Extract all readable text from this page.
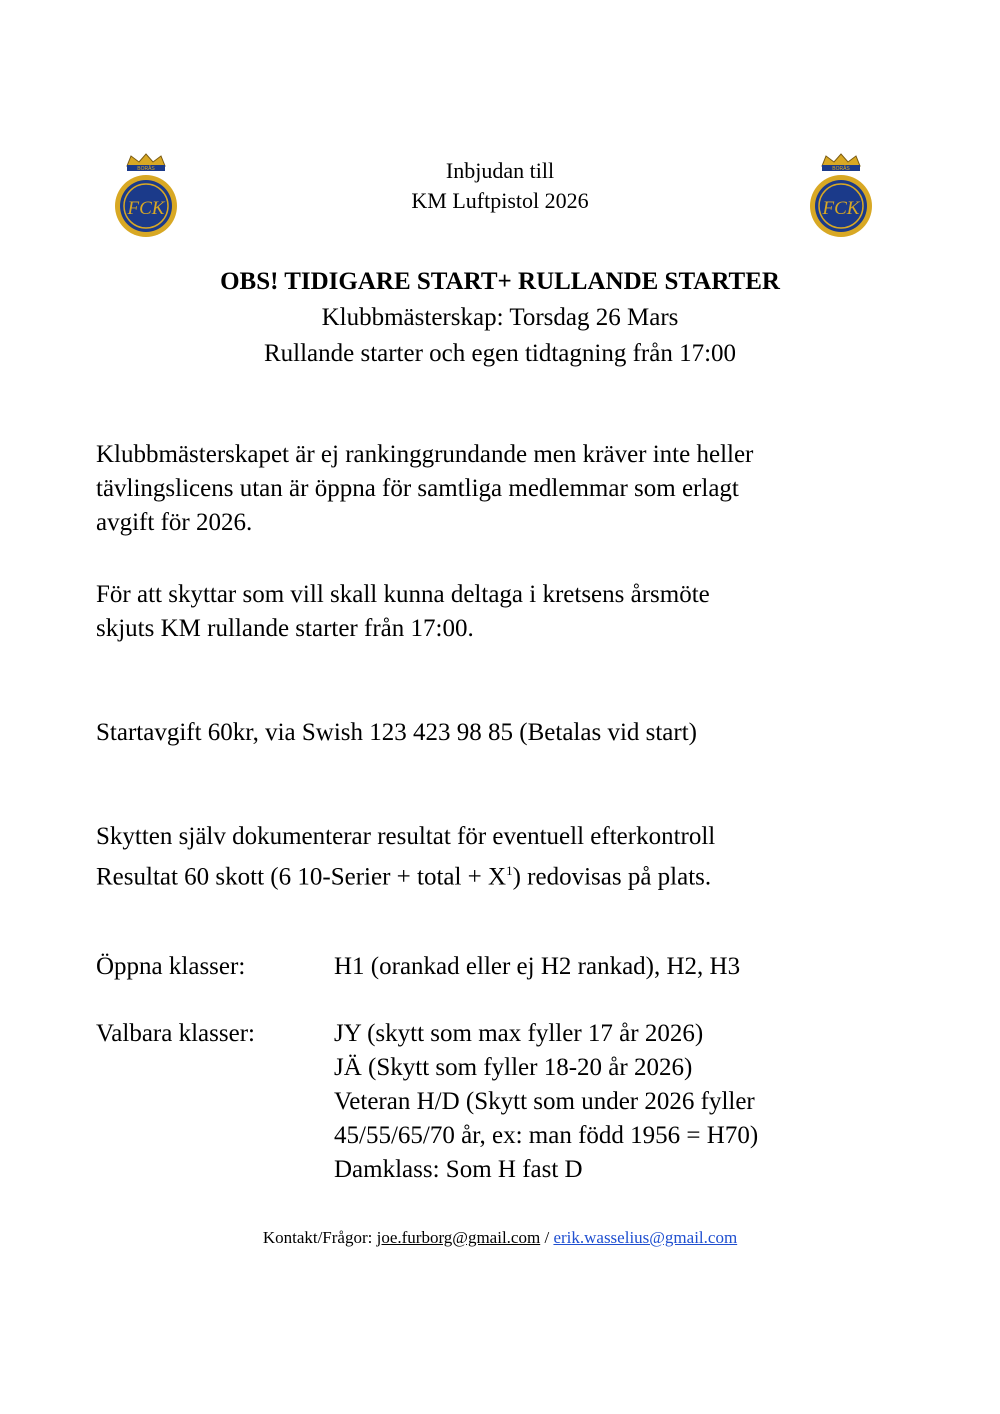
BORÅS
FCK
BORÅS
FCK
Inbjudan till
KM Luftpistol 2026
OBS! TIDIGARE START+ RULLANDE STARTER
Klubbmästerskap: Torsdag 26 Mars
Rullande starter och egen tidtagning från 17:00
Klubbmästerskapet är ej rankinggrundande men kräver inte heller
tävlingslicens utan är öppna för samtliga medlemmar som erlagt
avgift för 2026.
För att skyttar som vill skall kunna deltaga i kretsens årsmöte
skjuts KM rullande starter från 17:00.
Startavgift 60kr, via Swish 123 423 98 85 (Betalas vid start)
Skytten själv dokumenterar resultat för eventuell efterkontroll
Resultat 60 skott (6 10-Serier + total + $X^1$) redovisas på plats.
Öppna klasser:	H1 (orankad eller ej H2 rankad), H2, H3
Valbara klasser:	JY (skytt som max fyller 17 år 2026)
JÄ (Skytt som fyller 18-20 år 2026)
Veteran H/D (Skytt som under 2026 fyller
45/55/65/70 år, ex: man född 1956 = H70)
Damklass: Som H fast D
Kontakt/Frågor: joe.furborg@gmail.com / erik.wasselius@gmail.com
